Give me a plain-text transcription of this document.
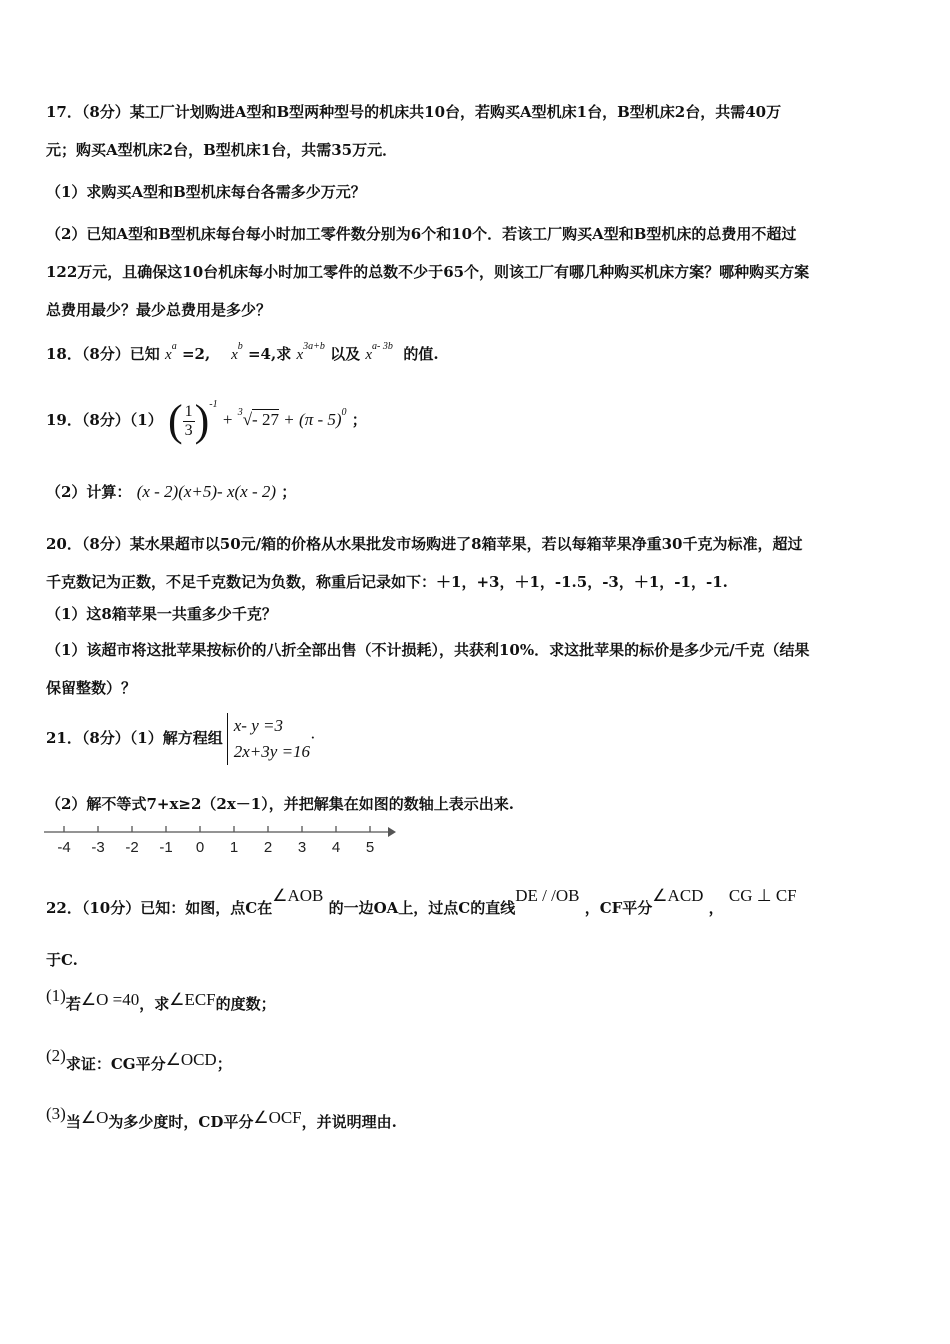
17．（8分）某工厂计划购进A型和B型两种型号的机床共10台，若购买A型机床1台，B型机床2台，共需40万
元；购买A型机床2台，B型机床1台，共需35万元．
（1）求购买A型和B型机床每台各需多少万元？
（2）已知A型和B型机床每台每小时加工零件数分别为6个和10个．若该工厂购买A型和B型机床的总费用不超过
122万元，且确保这10台机床每小时加工零件的总数不少于65个，则该工厂有哪几种购买机床方案？哪种购买方案
总费用最少？最少总费用是多少？
18．（8分）已知 $x^a =2$, $x^b =4$,求 $x^{3a+b}$ 以及 $x^{a- 3b}$ 的值.
19．（8分）（1） ( $\frac{1}{3} )^{-1} + ^3√-$ 27 + (π - 5)$^0$ ；
（2）计算： (x - 2)(x+5)- x(x - 2) ；
20．（8分）某水果超市以50元/箱的价格从水果批发市场购进了8箱苹果，若以每箱苹果净重30千克为标准，超过
千克数记为正数，不足千克数记为负数，称重后记录如下：＋1，+3，＋1，-1.5，-3，＋1，-1，-1.
（1）这8箱苹果一共重多少千克？
（1）该超市将这批苹果按标价的八折全部出售（不计损耗），共获利10%．求这批苹果的标价是多少元/千克（结果
保留整数）？
21．（8分）（1）解方程组
x- y =3
2x+3y =16
·
（2）解不等式7+x≥2（2x－1），并把解集在如图的数轴上表示出来.
-4 -3 -2 -1 0 1 2 3 4 5
22．（10分）已知：如图，点C在∠AOB 的一边OA上，过点C的直线DE / /OB ，CF平分∠ACD ， CG ⊥ CF
于C.
(1)若∠O =40，求∠ECF的度数；
(2)求证：CG平分∠OCD；
(3)当∠O为多少度时，CD平分∠OCF，并说明理由.
